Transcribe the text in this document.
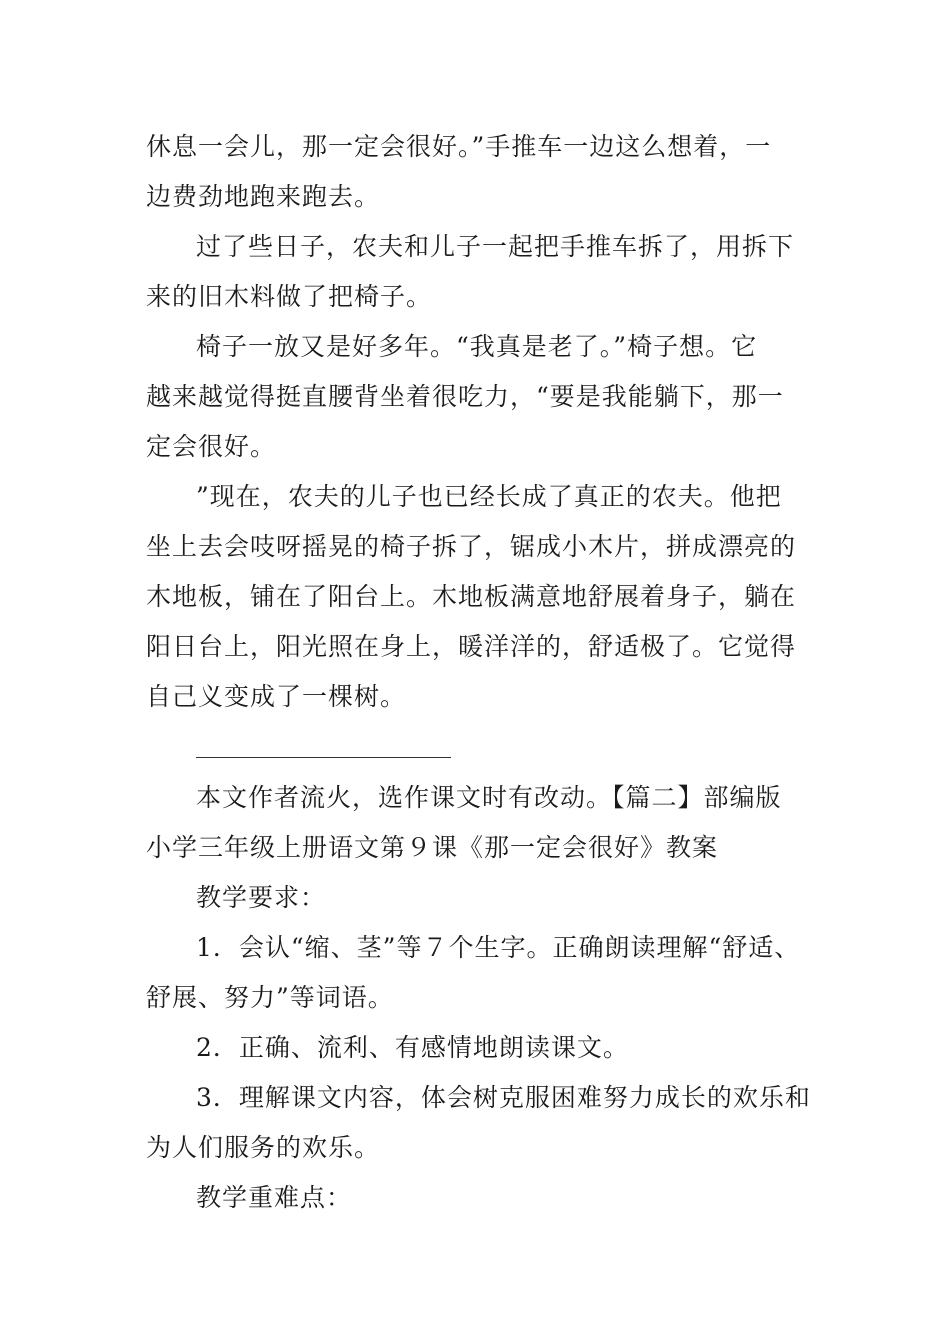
休息一会儿，那一定会很好。”手推车一边这么想着，一
边费劲地跑来跑去。
过了些日子，农夫和儿子一起把手推车拆了，用拆下
来的旧木料做了把椅子。
椅子一放又是好多年。“我真是老了。”椅子想。它
越来越觉得挺直腰背坐着很吃力，“要是我能躺下，那一
定会很好。
”现在，农夫的儿子也已经长成了真正的农夫。他把
坐上去会吱呀摇晃的椅子拆了，锯成小木片，拼成漂亮的
木地板，铺在了阳台上。木地板满意地舒展着身子，躺在
阳日台上，阳光照在身上，暖洋洋的，舒适极了。它觉得
自己义变成了一棵树。
本文作者流火，选作课文时有改动。【篇二】部编版
小学三年级上册语文第９课《那一定会很好》教案
教学要求：
1．会认“缩、茎”等７个生字。正确朗读理解“舒适、
舒展、努力”等词语。
2．正确、流利、有感情地朗读课文。
3．理解课文内容，体会树克服困难努力成长的欢乐和
为人们服务的欢乐。
教学重难点：
